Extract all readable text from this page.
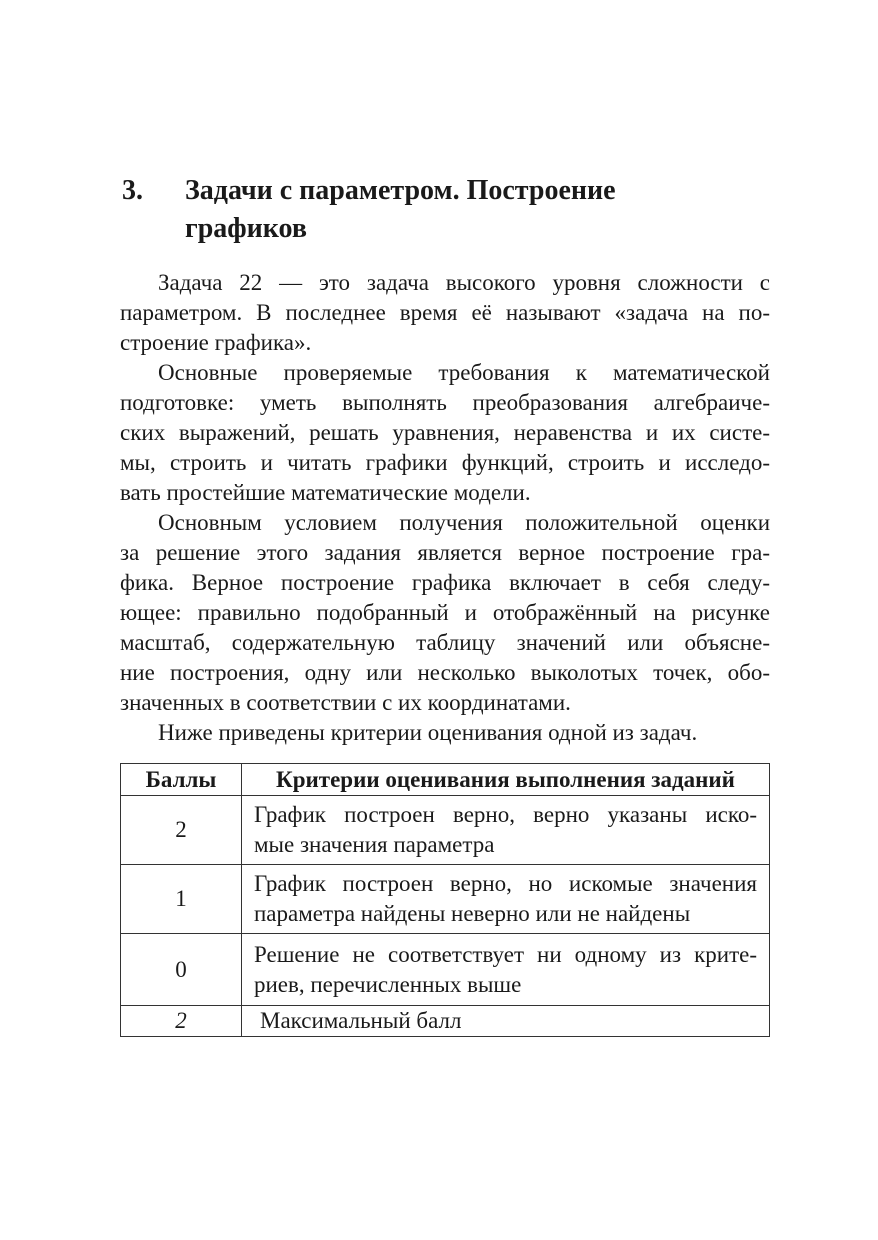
3. Задачи с параметром. Построение
графиков
Задача 22 — это задача высокого уровня сложности с
параметром. В последнее время её называют «задача на по-
строение графика».
Основные проверяемые требования к математической
подготовке: уметь выполнять преобразования алгебраиче-
ских выражений, решать уравнения, неравенства и их систе-
мы, строить и читать графики функций, строить и исследо-
вать простейшие математические модели.
Основным условием получения положительной оценки
за решение этого задания является верное построение гра-
фика. Верное построение графика включает в себя следу-
ющее: правильно подобранный и отображённый на рисунке
масштаб, содержательную таблицу значений или объясне-
ние построения, одну или несколько выколотых точек, обо-
значенных в соответствии с их координатами.
Ниже приведены критерии оценивания одной из задач.
Баллы	Критерии оценивания выполнения заданий
2	График построен верно, верно указаны иско-
мые значения параметра

1	График построен верно, но искомые значения
параметра найдены неверно или не найдены

0	Решение не соответствует ни одному из крите-
риев, перечисленных выше

2	Максимальный балл
